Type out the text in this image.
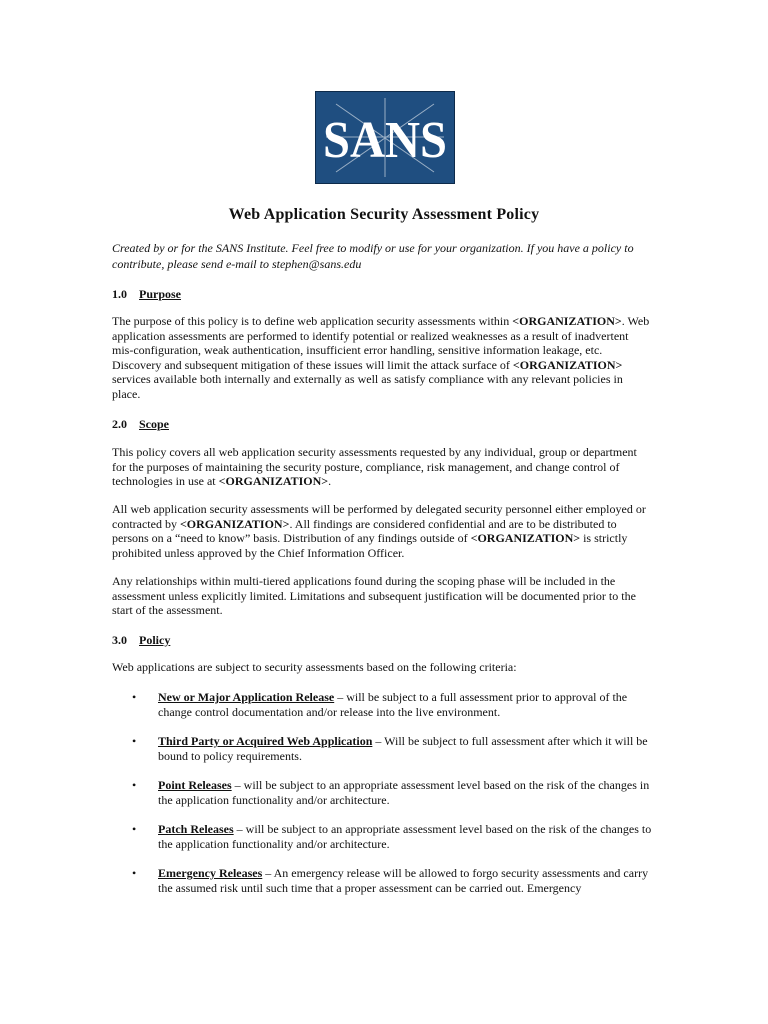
SANS
Web Application Security Assessment Policy
Created by or for the SANS Institute. Feel free to modify or use for your organization. If you have a policy to contribute, please send e-mail to stephen@sans.edu
1.0 Purpose
The purpose of this policy is to define web application security assessments within <ORGANIZATION>. Web application assessments are performed to identify potential or realized weaknesses as a result of inadvertent mis-configuration, weak authentication, insufficient error handling, sensitive information leakage, etc. Discovery and subsequent mitigation of these issues will limit the attack surface of <ORGANIZATION> services available both internally and externally as well as satisfy compliance with any relevant policies in place.
2.0 Scope
This policy covers all web application security assessments requested by any individual, group or department for the purposes of maintaining the security posture, compliance, risk management, and change control of technologies in use at <ORGANIZATION>.
All web application security assessments will be performed by delegated security personnel either employed or contracted by <ORGANIZATION>. All findings are considered confidential and are to be distributed to persons on a “need to know” basis. Distribution of any findings outside of <ORGANIZATION> is strictly prohibited unless approved by the Chief Information Officer.
Any relationships within multi-tiered applications found during the scoping phase will be included in the assessment unless explicitly limited. Limitations and subsequent justification will be documented prior to the start of the assessment.
3.0 Policy
Web applications are subject to security assessments based on the following criteria:
• New or Major Application Release – will be subject to a full assessment prior to approval of the change control documentation and/or release into the live environment.
• Third Party or Acquired Web Application – Will be subject to full assessment after which it will be bound to policy requirements.
• Point Releases – will be subject to an appropriate assessment level based on the risk of the changes in the application functionality and/or architecture.
• Patch Releases – will be subject to an appropriate assessment level based on the risk of the changes to the application functionality and/or architecture.
• Emergency Releases – An emergency release will be allowed to forgo security assessments and carry the assumed risk until such time that a proper assessment can be carried out. Emergency
